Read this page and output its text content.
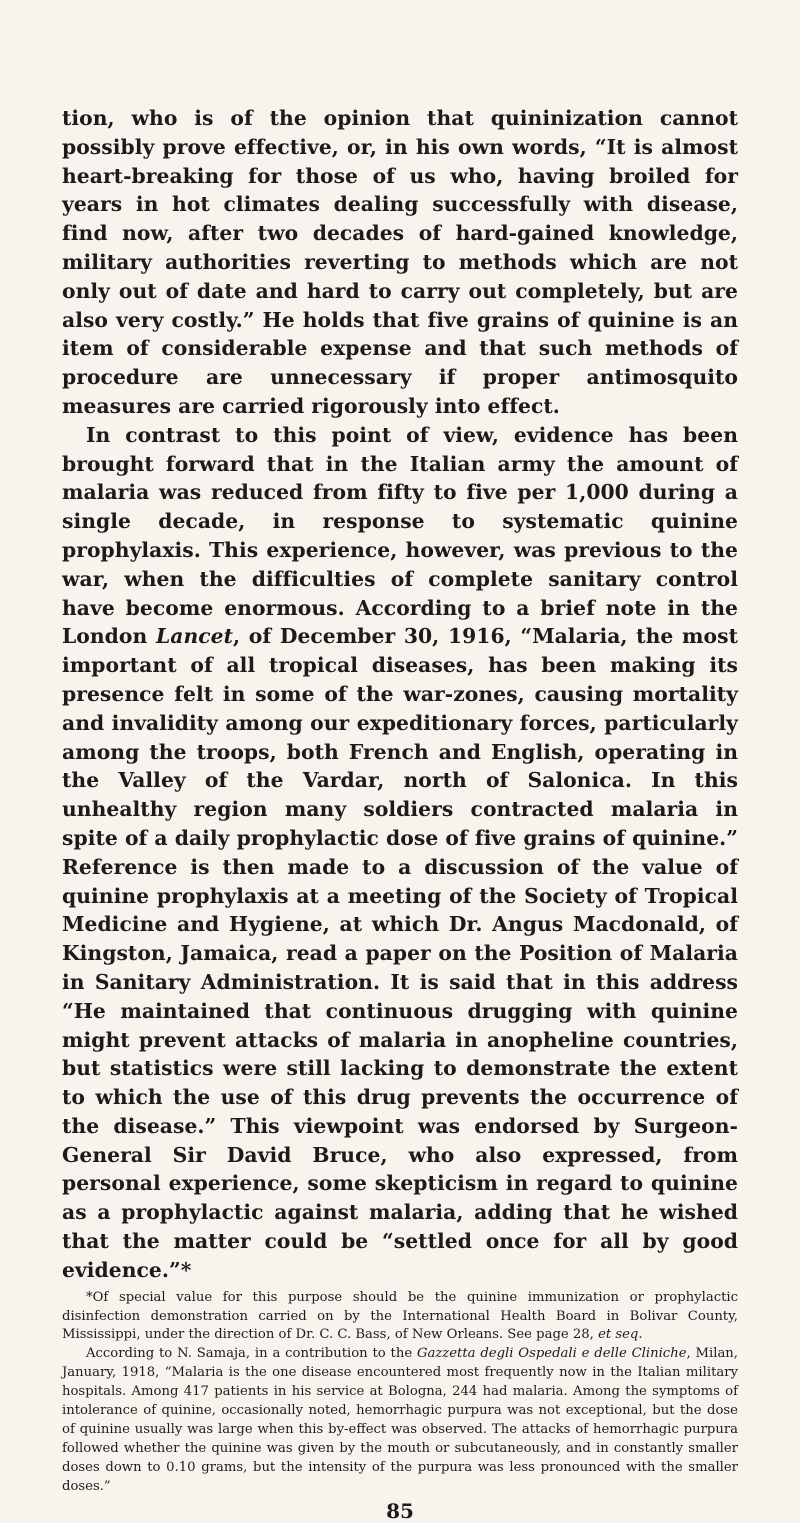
tion, who is of the opinion that quininization cannot possibly prove effective, or, in his own words, “It is almost heart-breaking for those of us who, having broiled for years in hot climates dealing successfully with disease, find now, after two decades of hard-gained knowledge, military authorities reverting to methods which are not only out of date and hard to carry out completely, but are also very costly.” He holds that five grains of quinine is an item of considerable expense and that such methods of procedure are unnecessary if proper antimosquito measures are carried rigorously into effect.

In contrast to this point of view, evidence has been brought forward that in the Italian army the amount of malaria was reduced from fifty to five per 1,000 during a single decade, in response to systematic quinine prophylaxis. This experience, however, was previous to the war, when the difficulties of complete sanitary control have become enormous. According to a brief note in the London Lancet, of December 30, 1916, “Malaria, the most important of all tropical diseases, has been making its presence felt in some of the war-zones, causing mortality and invalidity among our expeditionary forces, particularly among the troops, both French and English, operating in the Valley of the Vardar, north of Salonica. In this unhealthy region many soldiers contracted malaria in spite of a daily prophylactic dose of five grains of quinine.” Reference is then made to a discussion of the value of quinine prophylaxis at a meeting of the Society of Tropical Medicine and Hygiene, at which Dr. Angus Macdonald, of Kingston, Jamaica, read a paper on the Position of Malaria in Sanitary Administration. It is said that in this address “He maintained that continuous drugging with quinine might prevent attacks of malaria in anopheline countries, but statistics were still lacking to demonstrate the extent to which the use of this drug prevents the occurrence of the disease.” This viewpoint was endorsed by Surgeon-General Sir David Bruce, who also expressed, from personal experience, some skepticism in regard to quinine as a prophylactic against malaria, adding that he wished that the matter could be “settled once for all by good evidence.”*

*Of special value for this purpose should be the quinine immunization or prophylactic disinfection demonstration carried on by the International Health Board in Bolivar County, Mississippi, under the direction of Dr. C. C. Bass, of New Orleans. See page 28, et seq.

According to N. Samaja, in a contribution to the Gazzetta degli Ospedali e delle Cliniche, Milan, January, 1918, “Malaria is the one disease encountered most frequently now in the Italian military hospitals. Among 417 patients in his service at Bologna, 244 had malaria. Among the symptoms of intolerance of quinine, occasionally noted, hemorrhagic purpura was not exceptional, but the dose of quinine usually was large when this by-effect was observed. The attacks of hemorrhagic purpura followed whether the quinine was given by the mouth or subcutaneously, and in constantly smaller doses down to 0.10 grams, but the intensity of the purpura was less pronounced with the smaller doses.”

85
